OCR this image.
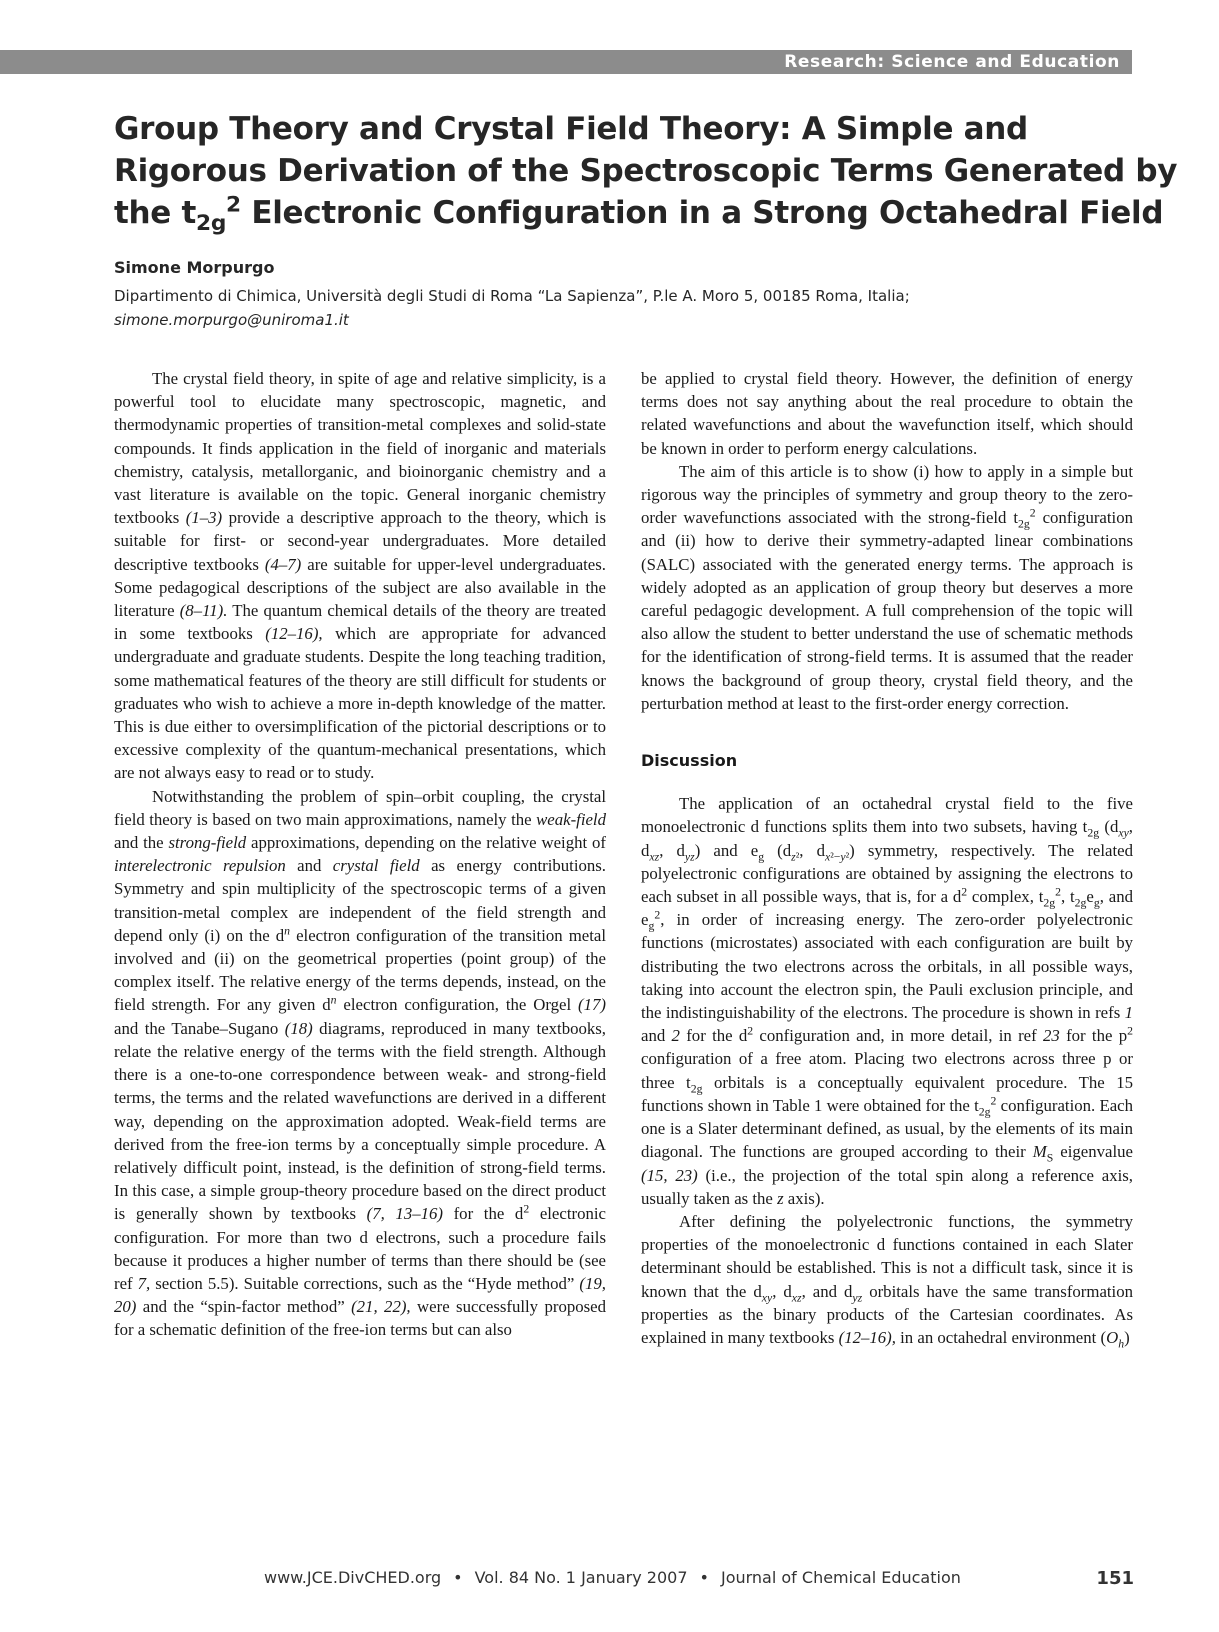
Research: Science and Education
Group Theory and Crystal Field Theory: A Simple and
Rigorous Derivation of the Spectroscopic Terms Generated by
the $t_{2g}^2$ Electronic Configuration in a Strong Octahedral Field
Simone Morpurgo
Dipartimento di Chimica, Università degli Studi di Roma “La Sapienza”, P.le A. Moro 5, 00185 Roma, Italia;
simone.morpurgo@uniroma1.it

The crystal field theory, in spite of age and relative simplicity, is a powerful tool to elucidate many spectroscopic, magnetic, and thermodynamic properties of transition-metal complexes and solid-state compounds. It finds application in the field of inorganic and materials chemistry, catalysis, metallorganic, and bioinorganic chemistry and a vast literature is available on the topic. General inorganic chemistry textbooks (1–3) provide a descriptive approach to the theory, which is suitable for first- or second-year undergraduates. More detailed descriptive textbooks (4–7) are suitable for upper-level undergraduates. Some pedagogical descriptions of the subject are also available in the literature (8–11). The quantum chemical details of the theory are treated in some textbooks (12–16), which are appropriate for advanced undergraduate and graduate students. Despite the long teaching tradition, some mathematical features of the theory are still difficult for students or graduates who wish to achieve a more in-depth knowledge of the matter. This is due either to oversimplification of the pictorial descriptions or to excessive complexity of the quantum-mechanical presentations, which are not always easy to read or to study.

Notwithstanding the problem of spin–orbit coupling, the crystal field theory is based on two main approximations, namely the weak-field and the strong-field approximations, depending on the relative weight of interelectronic repulsion and crystal field as energy contributions. Symmetry and spin multiplicity of the spectroscopic terms of a given transition-metal complex are independent of the field strength and depend only (i) on the $d^n$ electron configuration of the transition metal involved and (ii) on the geometrical properties (point group) of the complex itself. The relative energy of the terms depends, instead, on the field strength. For any given $d^n$ electron configuration, the Orgel (17) and the Tanabe–Sugano (18) diagrams, reproduced in many textbooks, relate the relative energy of the terms with the field strength. Although there is a one-to-one correspondence between weak- and strong-field terms, the terms and the related wavefunctions are derived in a different way, depending on the approximation adopted. Weak-field terms are derived from the free-ion terms by a conceptually simple procedure. A relatively difficult point, instead, is the definition of strong-field terms. In this case, a simple group-theory procedure based on the direct product is generally shown by textbooks (7, 13–16) for the $d^2$ electronic configuration. For more than two d electrons, such a procedure fails because it produces a higher number of terms than there should be (see ref 7, section 5.5). Suitable corrections, such as the “Hyde method” (19, 20) and the “spin-factor method” (21, 22), were successfully proposed for a schematic definition of the free-ion terms but can also

be applied to crystal field theory. However, the definition of energy terms does not say anything about the real procedure to obtain the related wavefunctions and about the wavefunction itself, which should be known in order to perform energy calculations.

The aim of this article is to show (i) how to apply in a simple but rigorous way the principles of symmetry and group theory to the zero-order wavefunctions associated with the strong-field $t_{2g}^2$ configuration and (ii) how to derive their symmetry-adapted linear combinations (SALC) associated with the generated energy terms. The approach is widely adopted as an application of group theory but deserves a more careful pedagogic development. A full comprehension of the topic will also allow the student to better understand the use of schematic methods for the identification of strong-field terms. It is assumed that the reader knows the background of group theory, crystal field theory, and the perturbation method at least to the first-order energy correction.

Discussion

The application of an octahedral crystal field to the five monoelectronic d functions splits them into two subsets, having $t_{2g}$ ($d_{xy}$, $d_{xz}$, $d_{yz}$) and $e_g$ ($d_{z^2}$, $d_{x^2-y^2}$) symmetry, respectively. The related polyelectronic configurations are obtained by assigning the electrons to each subset in all possible ways, that is, for a $d^2$ complex, $t_{2g}^2$, $t_{2g}e_g$, and $e_g^2$, in order of increasing energy. The zero-order polyelectronic functions (microstates) associated with each configuration are built by distributing the two electrons across the orbitals, in all possible ways, taking into account the electron spin, the Pauli exclusion principle, and the indistinguishability of the electrons. The procedure is shown in refs 1 and 2 for the $d^2$ configuration and, in more detail, in ref 23 for the $p^2$ configuration of a free atom. Placing two electrons across three p or three $t_{2g}$ orbitals is a conceptually equivalent procedure. The 15 functions shown in Table 1 were obtained for the $t_{2g}^2$ configuration. Each one is a Slater determinant defined, as usual, by the elements of its main diagonal. The functions are grouped according to their $M_S$ eigenvalue (15, 23) (i.e., the projection of the total spin along a reference axis, usually taken as the z axis).

After defining the polyelectronic functions, the symmetry properties of the monoelectronic d functions contained in each Slater determinant should be established. This is not a difficult task, since it is known that the $d_{xy}$, $d_{xz}$, and $d_{yz}$ orbitals have the same transformation properties as the binary products of the Cartesian coordinates. As explained in many textbooks (12–16), in an octahedral environment $(O_h)$

www.JCE.DivCHED.org • Vol. 84 No. 1 January 2007 • Journal of Chemical Education	151
